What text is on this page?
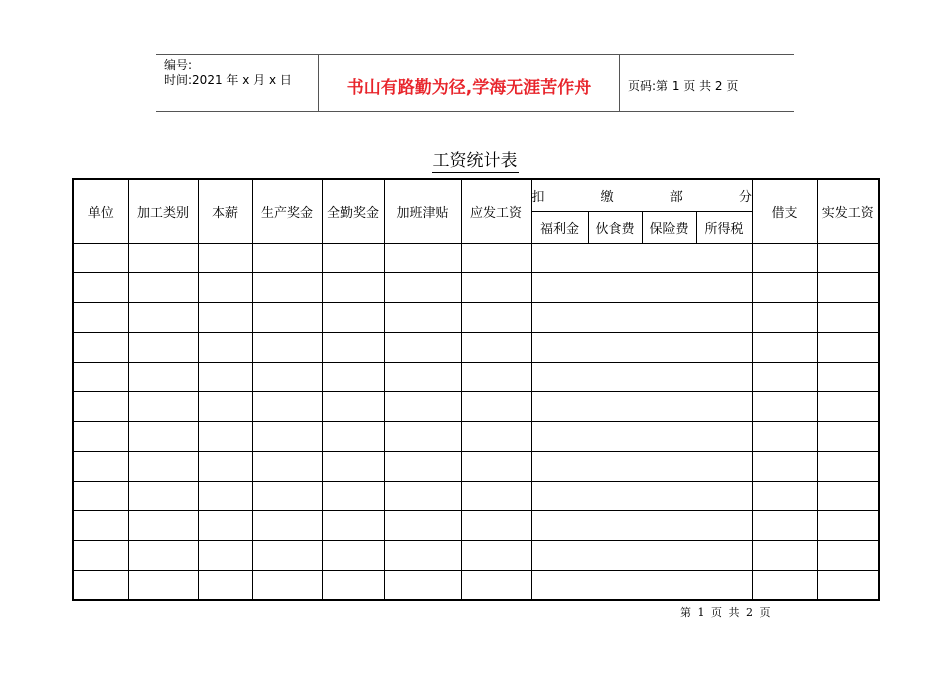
编号:
时间:2021 年 x 月 x 日	书山有路勤为径,学海无涯苦作舟	页码:第 1 页 共 2 页
工资统计表
单位	加工类别	本薪	生产奖金	全勤奖金	加班津贴	应发工资	扣 缴 部 分				借支	实发工资
							福利金	伙食费	保险费	所得税		

第 1 页 共 2 页
